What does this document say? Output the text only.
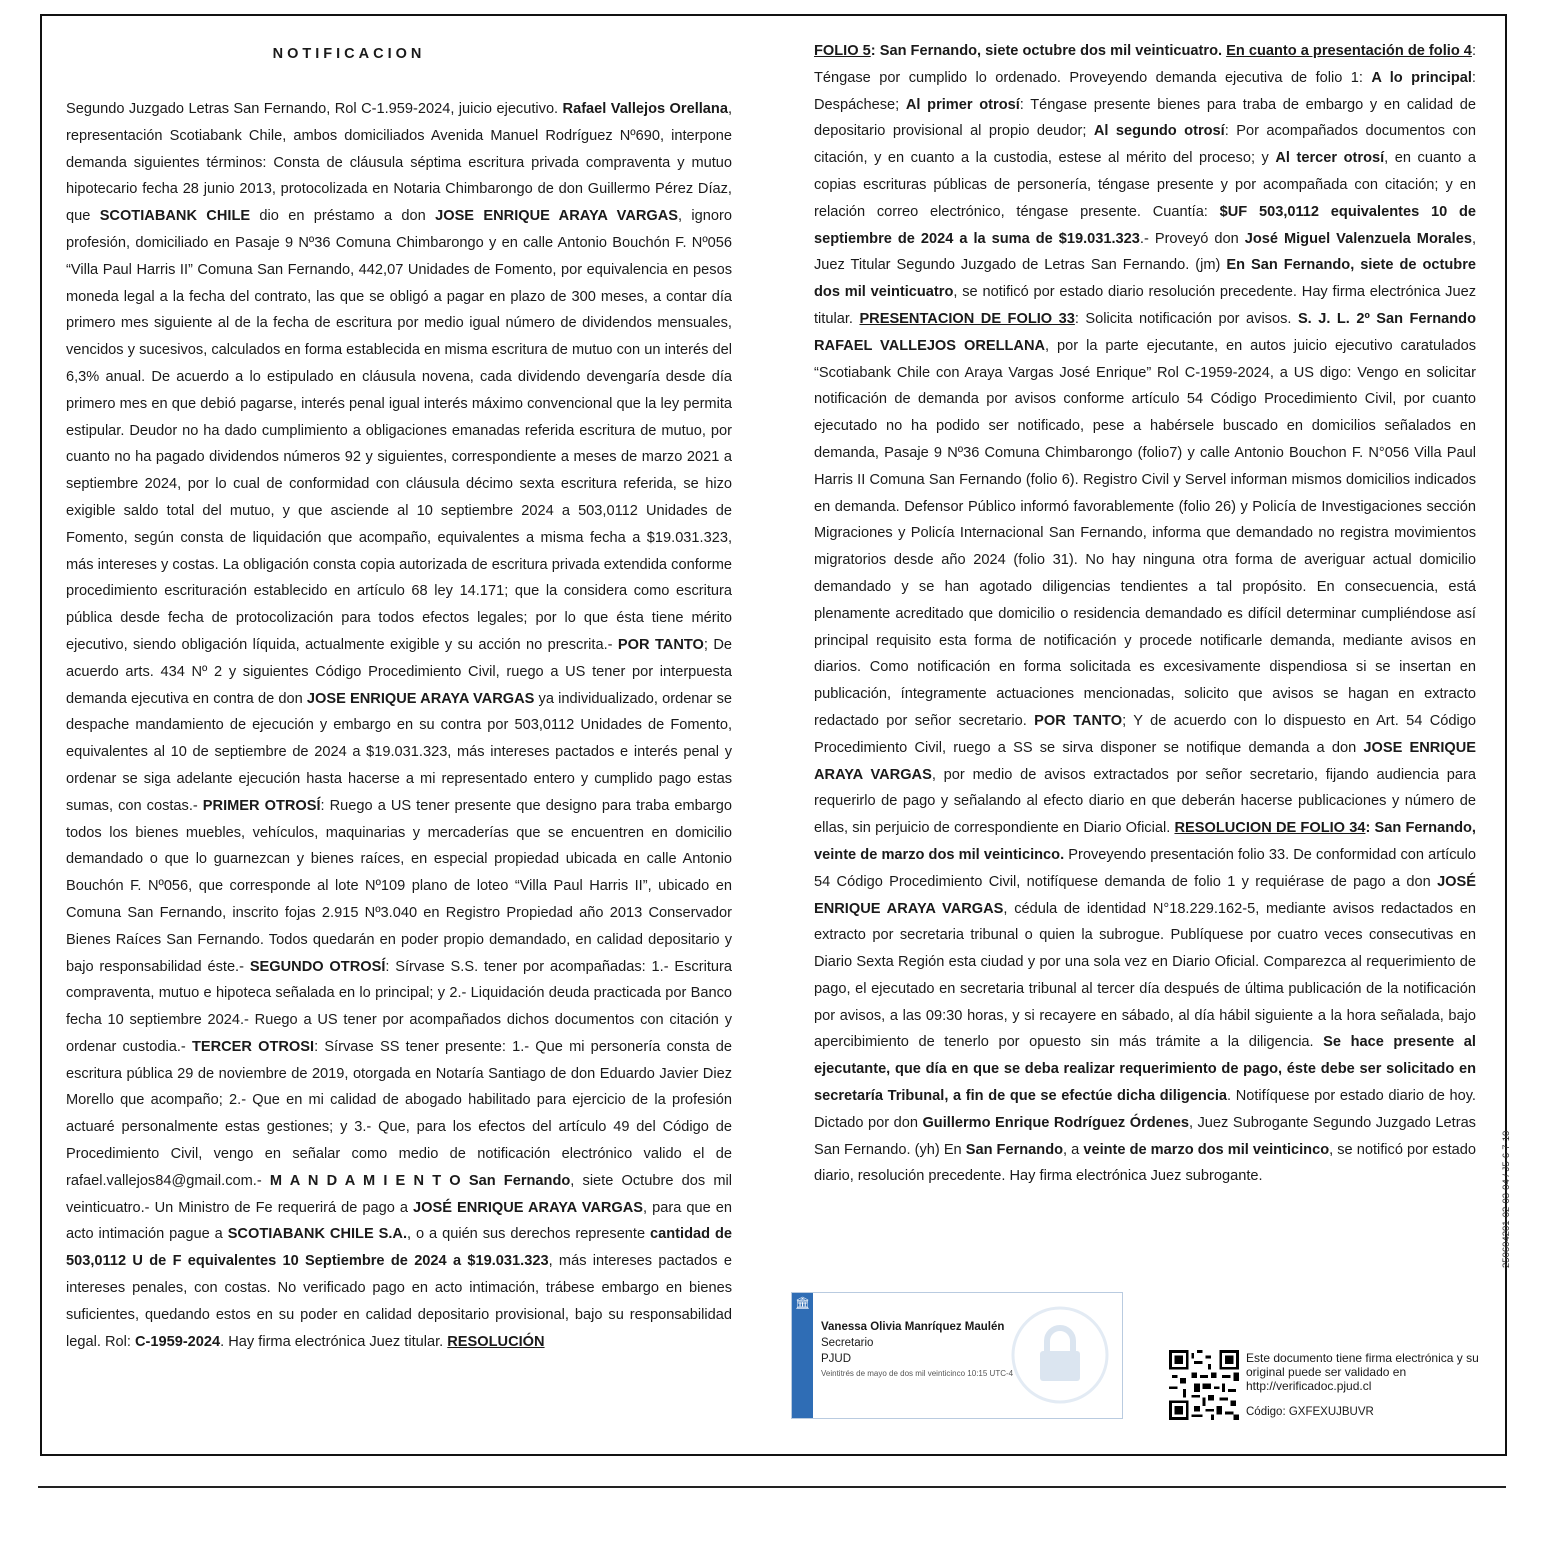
NOTIFICACION

Segundo Juzgado Letras San Fernando, Rol C-1.959-2024, juicio ejecutivo. Rafael Vallejos Orellana, representación Scotiabank Chile, ambos domiciliados Avenida Manuel Rodríguez Nº690, interpone demanda siguientes términos: Consta de cláusula séptima escritura privada compraventa y mutuo hipotecario fecha 28 junio 2013, protocolizada en Notaria Chimbarongo de don Guillermo Pérez Díaz, que SCOTIABANK CHILE dio en préstamo a don JOSE ENRIQUE ARAYA VARGAS, ignoro profesión, domiciliado en Pasaje 9 Nº36 Comuna Chimbarongo y en calle Antonio Bouchón F. Nº056 “Villa Paul Harris II” Comuna San Fernando, 442,07 Unidades de Fomento, por equivalencia en pesos moneda legal a la fecha del contrato, las que se obligó a pagar en plazo de 300 meses, a contar día primero mes siguiente al de la fecha de escritura por medio igual número de dividendos mensuales, vencidos y sucesivos, calculados en forma establecida en misma escritura de mutuo con un interés del 6,3% anual. De acuerdo a lo estipulado en cláusula novena, cada dividendo devengaría desde día primero mes en que debió pagarse, interés penal igual interés máximo convencional que la ley permita estipular. Deudor no ha dado cumplimiento a obligaciones emanadas referida escritura de mutuo, por cuanto no ha pagado dividendos números 92 y siguientes, correspondiente a meses de marzo 2021 a septiembre 2024, por lo cual de conformidad con cláusula décimo sexta escritura referida, se hizo exigible saldo total del mutuo, y que asciende al 10 septiembre 2024 a 503,0112 Unidades de Fomento, según consta de liquidación que acompaño, equivalentes a misma fecha a $19.031.323, más intereses y costas. La obligación consta copia autorizada de escritura privada extendida conforme procedimiento escrituración establecido en artículo 68 ley 14.171; que la considera como escritura pública desde fecha de protocolización para todos efectos legales; por lo que ésta tiene mérito ejecutivo, siendo obligación líquida, actualmente exigible y su acción no prescrita.- POR TANTO; De acuerdo arts. 434 Nº 2 y siguientes Código Procedimiento Civil, ruego a US tener por interpuesta demanda ejecutiva en contra de don JOSE ENRIQUE ARAYA VARGAS ya individualizado, ordenar se despache mandamiento de ejecución y embargo en su contra por 503,0112 Unidades de Fomento, equivalentes al 10 de septiembre de 2024 a $19.031.323, más intereses pactados e interés penal y ordenar se siga adelante ejecución hasta hacerse a mi representado entero y cumplido pago estas sumas, con costas.- PRIMER OTROSÍ: Ruego a US tener presente que designo para traba embargo todos los bienes muebles, vehículos, maquinarias y mercaderías que se encuentren en domicilio demandado o que lo guarnezcan y bienes raíces, en especial propiedad ubicada en calle Antonio Bouchón F. Nº056, que corresponde al lote Nº109 plano de loteo “Villa Paul Harris II”, ubicado en Comuna San Fernando, inscrito fojas 2.915 Nº3.040 en Registro Propiedad año 2013 Conservador Bienes Raíces San Fernando. Todos quedarán en poder propio demandado, en calidad depositario y bajo responsabilidad éste.- SEGUNDO OTROSÍ: Sírvase S.S. tener por acompañadas: 1.- Escritura compraventa, mutuo e hipoteca señalada en lo principal; y 2.- Liquidación deuda practicada por Banco fecha 10 septiembre 2024.- Ruego a US tener por acompañados dichos documentos con citación y ordenar custodia.- TERCER OTROSI: Sírvase SS tener presente: 1.- Que mi personería consta de escritura pública 29 de noviembre de 2019, otorgada en Notaría Santiago de don Eduardo Javier Diez Morello que acompaño; 2.- Que en mi calidad de abogado habilitado para ejercicio de la profesión actuaré personalmente estas gestiones; y 3.- Que, para los efectos del artículo 49 del Código de Procedimiento Civil, vengo en señalar como medio de notificación electrónico valido el de rafael.vallejos84@gmail.com.- M A N D A M I E N T O San Fernando, siete Octubre dos mil veinticuatro.- Un Ministro de Fe requerirá de pago a JOSÉ ENRIQUE ARAYA VARGAS, para que en acto intimación pague a SCOTIABANK CHILE S.A., o a quién sus derechos represente cantidad de 503,0112 U de F equivalentes 10 Septiembre de 2024 a $19.031.323, más intereses pactados e intereses penales, con costas. No verificado pago en acto intimación, trábese embargo en bienes suficientes, quedando estos en su poder en calidad depositario provisional, bajo su responsabilidad legal. Rol: C-1959-2024. Hay firma electrónica Juez titular. RESOLUCIÓN

FOLIO 5: San Fernando, siete octubre dos mil veinticuatro. En cuanto a presentación de folio 4: Téngase por cumplido lo ordenado. Proveyendo demanda ejecutiva de folio 1: A lo principal: Despáchese; Al primer otrosí: Téngase presente bienes para traba de embargo y en calidad de depositario provisional al propio deudor; Al segundo otrosí: Por acompañados documentos con citación, y en cuanto a la custodia, estese al mérito del proceso; y Al tercer otrosí, en cuanto a copias escrituras públicas de personería, téngase presente y por acompañada con citación; y en relación correo electrónico, téngase presente. Cuantía: $UF 503,0112 equivalentes 10 de septiembre de 2024 a la suma de $19.031.323.- Proveyó don José Miguel Valenzuela Morales, Juez Titular Segundo Juzgado de Letras San Fernando. (jm) En San Fernando, siete de octubre dos mil veinticuatro, se notificó por estado diario resolución precedente. Hay firma electrónica Juez titular. PRESENTACION DE FOLIO 33: Solicita notificación por avisos. S. J. L. 2º San Fernando RAFAEL VALLEJOS ORELLANA, por la parte ejecutante, en autos juicio ejecutivo caratulados “Scotiabank Chile con Araya Vargas José Enrique” Rol C-1959-2024, a US digo: Vengo en solicitar notificación de demanda por avisos conforme artículo 54 Código Procedimiento Civil, por cuanto ejecutado no ha podido ser notificado, pese a habérsele buscado en domicilios señalados en demanda, Pasaje 9 Nº36 Comuna Chimbarongo (folio7) y calle Antonio Bouchon F. N°056 Villa Paul Harris II Comuna San Fernando (folio 6). Registro Civil y Servel informan mismos domicilios indicados en demanda. Defensor Público informó favorablemente (folio 26) y Policía de Investigaciones sección Migraciones y Policía Internacional San Fernando, informa que demandado no registra movimientos migratorios desde año 2024 (folio 31). No hay ninguna otra forma de averiguar actual domicilio demandado y se han agotado diligencias tendientes a tal propósito. En consecuencia, está plenamente acreditado que domicilio o residencia demandado es difícil determinar cumpliéndose así principal requisito esta forma de notificación y procede notificarle demanda, mediante avisos en diarios. Como notificación en forma solicitada es excesivamente dispendiosa si se insertan en publicación, íntegramente actuaciones mencionadas, solicito que avisos se hagan en extracto redactado por señor secretario. POR TANTO; Y de acuerdo con lo dispuesto en Art. 54 Código Procedimiento Civil, ruego a SS se sirva disponer se notifique demanda a don JOSE ENRIQUE ARAYA VARGAS, por medio de avisos extractados por señor secretario, fijando audiencia para requerirlo de pago y señalando al efecto diario en que deberán hacerse publicaciones y número de ellas, sin perjuicio de correspondiente en Diario Oficial. RESOLUCION DE FOLIO 34: San Fernando, veinte de marzo dos mil veinticinco. Proveyendo presentación folio 33. De conformidad con artículo 54 Código Procedimiento Civil, notifíquese demanda de folio 1 y requiérase de pago a don JOSÉ ENRIQUE ARAYA VARGAS, cédula de identidad N°18.229.162-5, mediante avisos redactados en extracto por secretaria tribunal o quien la subrogue. Publíquese por cuatro veces consecutivas en Diario Sexta Región esta ciudad y por una sola vez en Diario Oficial. Comparezca al requerimiento de pago, el ejecutado en secretaria tribunal al tercer día después de última publicación de la notificación por avisos, a las 09:30 horas, y si recayere en sábado, al día hábil siguiente a la hora señalada, bajo apercibimiento de tenerlo por opuesto sin más trámite a la diligencia. Se hace presente al ejecutante, que día en que se deba realizar requerimiento de pago, éste debe ser solicitado en secretaría Tribunal, a fin de que se efectúe dicha diligencia. Notifíquese por estado diario de hoy. Dictado por don Guillermo Enrique Rodríguez Órdenes, Juez Subrogante Segundo Juzgado Letras San Fernando. (yh) En San Fernando, a veinte de marzo dos mil veinticinco, se notificó por estado diario, resolución precedente. Hay firma electrónica Juez subrogante.

🏛
Vanessa Olivia Manríquez Maulén
Secretario
PJUD
Veintitrés de mayo de dos mil veinticinco 10:15 UTC-4
Este documento tiene firma electrónica y su original puede ser validado en http://verificadoc.pjud.cl
Código: GXFEXUJBUVR
250604201-02-03-04 / J5-6-7-10
